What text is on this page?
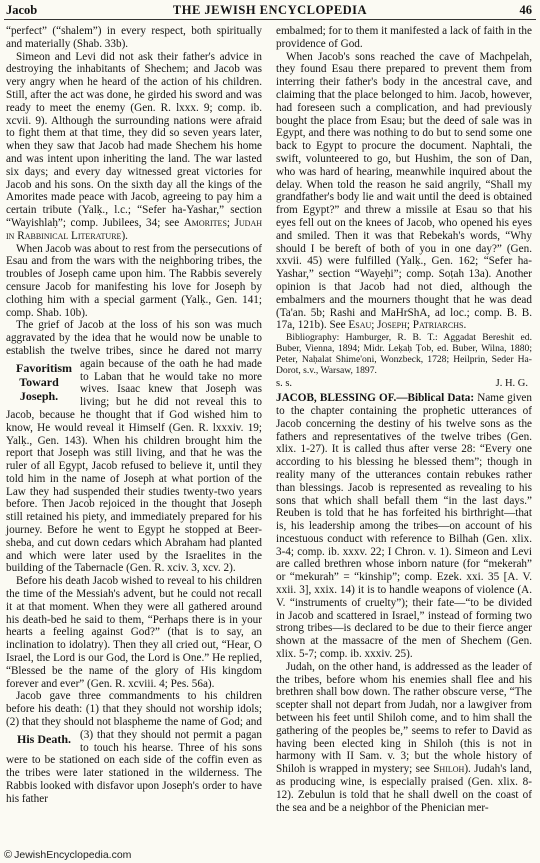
Jacob	THE JEWISH ENCYCLOPEDIA	46

“perfect” (“shalem”) in every respect, both spiritually and materially (Shab. 33b).

Simeon and Levi did not ask their father's advice in destroying the inhabitants of Shechem; and Jacob was very angry when he heard of the action of his children. Still, after the act was done, he girded his sword and was ready to meet the enemy (Gen. R. lxxx. 9; comp. ib. xcvii. 9). Although the surrounding nations were afraid to fight them at that time, they did so seven years later, when they saw that Jacob had made Shechem his home and was intent upon inheriting the land. The war lasted six days; and every day witnessed great victories for Jacob and his sons. On the sixth day all the kings of the Amorites made peace with Jacob, agreeing to pay him a certain tribute (Yalḳ., l.c.; “Sefer ha-Yashar,” section “Wayishlaḥ”; comp. Jubilees, 34; see Amorites; Judah in Rabbinical Literature).

When Jacob was about to rest from the persecutions of Esau and from the wars with the neighboring tribes, the troubles of Joseph came upon him. The Rabbis severely censure Jacob for manifesting his love for Joseph by clothing him with a special garment (Yalḳ., Gen. 141; comp. Shab. 10b).

The grief of Jacob at the loss of his son was much aggravated by the idea that he would now be unable to establish the twelve tribes, since he dared
Favoritism Toward Joseph.
not marry again because of the oath he had made to Laban that he would take no more wives. Isaac knew that Joseph was living; but he did not reveal this to Jacob, because he thought that if God wished him to know, He would reveal it Himself (Gen. R. lxxxiv. 19; Yalḳ., Gen. 143). When his children brought him the report that Joseph was still living, and that he was the ruler of all Egypt, Jacob refused to believe it, until they told him in the name of Joseph at what portion of the Law they had suspended their studies twenty-two years before. Then Jacob rejoiced in the thought that Joseph still retained his piety, and immediately prepared for his journey. Before he went to Egypt he stopped at Beer-sheba, and cut down cedars which Abraham had planted and which were later used by the Israelites in the building of the Tabernacle (Gen. R. xciv. 3, xcv. 2).

Before his death Jacob wished to reveal to his children the time of the Messiah's advent, but he could not recall it at that moment. When they were all gathered around his death-bed he said to them, “Perhaps there is in your hearts a feeling against God?” (that is to say, an inclination to idolatry). Then they all cried out, “Hear, O Israel, the Lord is our God, the Lord is One.” He replied, “Blessed be the name of the glory of His kingdom forever and ever” (Gen. R. xcviii. 4; Pes. 56a).

Jacob gave three commandments to his children before his death: (1) that they should not worship idols; (2) that they should not blaspheme the name
His Death.
of God; and (3) that they should not permit a pagan to touch his hearse. Three of his sons were to be stationed on each side of the coffin even as the tribes were later stationed in the wilderness. The Rabbis looked with disfavor upon Joseph's order to have his father

embalmed; for to them it manifested a lack of faith in the providence of God.

When Jacob's sons reached the cave of Machpelah, they found Esau there prepared to prevent them from interring their father's body in the ancestral cave, and claiming that the place belonged to him. Jacob, however, had foreseen such a complication, and had previously bought the place from Esau; but the deed of sale was in Egypt, and there was nothing to do but to send some one back to Egypt to procure the document. Naphtali, the swift, volunteered to go, but Hushim, the son of Dan, who was hard of hearing, meanwhile inquired about the delay. When told the reason he said angrily, “Shall my grandfather's body lie and wait until the deed is obtained from Egypt?” and threw a missile at Esau so that his eyes fell out on the knees of Jacob, who opened his eyes and smiled. Then it was that Rebekah's words, “Why should I be bereft of both of you in one day?” (Gen. xxvii. 45) were fulfilled (Yalḳ., Gen. 162; “Sefer ha-Yashar,” section “Wayeḥi”; comp. Soṭah 13a). Another opinion is that Jacob had not died, although the embalmers and the mourners thought that he was dead (Ta'an. 5b; Rashi and MaHrShA, ad loc.; comp. B. B. 17a, 121b). See Esau; Joseph; Patriarchs.

Bibliography: Hamburger, R. B. T.: Aggadat Bereshit ed. Buber, Vienna, 1894; Midr. Leḳaḥ Ṭob, ed. Buber, Wilna, 1880; Peter, Naḥalat Shime'oni, Wonzbeck, 1728; Heilprin, Seder Ha-Dorot, s.v., Warsaw, 1897.

s. s.	J. H. G.

JACOB, BLESSING OF.—Biblical Data: Name given to the chapter containing the prophetic utterances of Jacob concerning the destiny of his twelve sons as the fathers and representatives of the twelve tribes (Gen. xlix. 1-27). It is called thus after verse 28: “Every one according to his blessing he blessed them”; though in reality many of the utterances contain rebukes rather than blessings. Jacob is represented as revealing to his sons that which shall befall them “in the last days.” Reuben is told that he has forfeited his birthright—that is, his leadership among the tribes—on account of his incestuous conduct with reference to Bilhah (Gen. xlix. 3-4; comp. ib. xxxv. 22; I Chron. v. 1). Simeon and Levi are called brethren whose inborn nature (for “mekerah” or “mekurah” = “kinship”; comp. Ezek. xxi. 35 [A. V. xxii. 3], xxix. 14) it is to handle weapons of violence (A. V. “instruments of cruelty”); their fate—“to be divided in Jacob and scattered in Israel,” instead of forming two strong tribes—is declared to be due to their fierce anger shown at the massacre of the men of Shechem (Gen. xlix. 5-7; comp. ib. xxxiv. 25).

Judah, on the other hand, is addressed as the leader of the tribes, before whom his enemies shall flee and his brethren shall bow down. The rather obscure verse, “The scepter shall not depart from Judah, nor a lawgiver from between his feet until Shiloh come, and to him shall the gathering of the peoples be,” seems to refer to David as having been elected king in Shiloh (this is not in harmony with II Sam. v. 3; but the whole history of Shiloh is wrapped in mystery; see Shiloh). Judah's land, as producing wine, is especially praised (Gen. xlix. 8-12). Zebulun is told that he shall dwell on the coast of the sea and be a neighbor of the Phenician mer-

© JewishEncyclopedia.com
